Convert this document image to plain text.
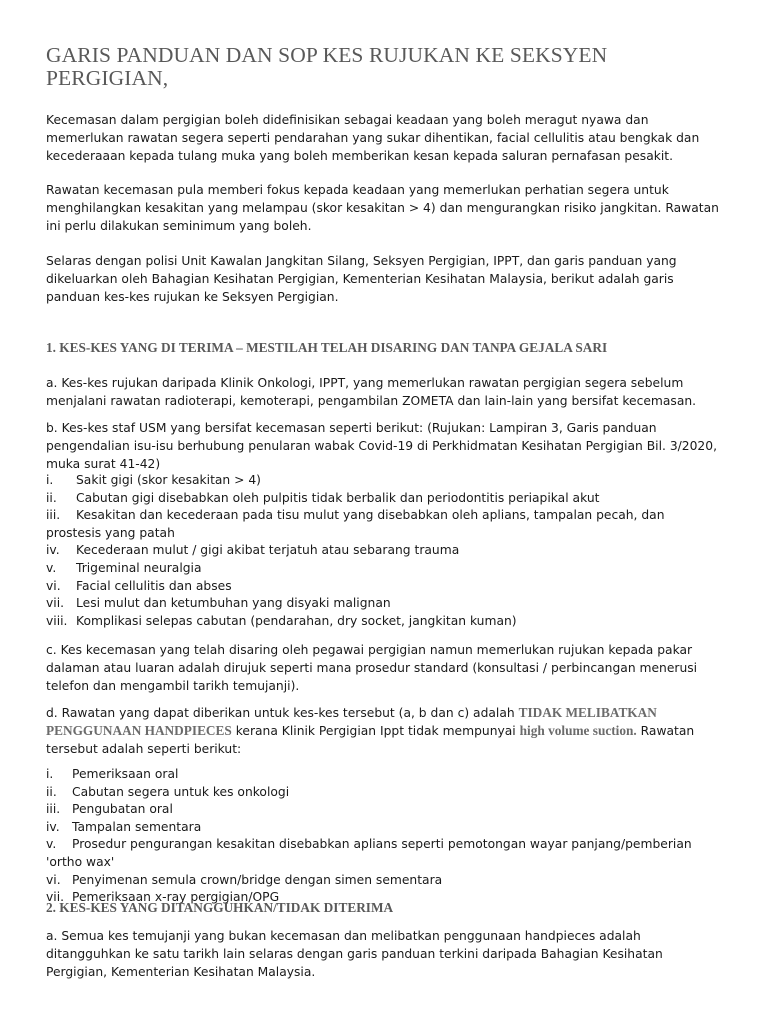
GARIS PANDUAN DAN SOP KES RUJUKAN KE SEKSYEN PERGIGIAN,

Kecemasan dalam pergigian boleh didefinisikan sebagai keadaan yang boleh meragut nyawa dan memerlukan rawatan segera seperti pendarahan yang sukar dihentikan, facial cellulitis atau bengkak dan kecederaaan kepada tulang muka yang boleh memberikan kesan kepada saluran pernafasan pesakit.

Rawatan kecemasan pula memberi fokus kepada keadaan yang memerlukan perhatian segera untuk menghilangkan kesakitan yang melampau (skor kesakitan > 4) dan mengurangkan risiko jangkitan. Rawatan ini perlu dilakukan seminimum yang boleh.

Selaras dengan polisi Unit Kawalan Jangkitan Silang, Seksyen Pergigian, IPPT, dan garis panduan yang dikeluarkan oleh Bahagian Kesihatan Pergigian, Kementerian Kesihatan Malaysia, berikut adalah garis panduan kes-kes rujukan ke Seksyen Pergigian.

1. KES-KES YANG DI TERIMA – MESTILAH TELAH DISARING DAN TANPA GEJALA SARI

a. Kes-kes rujukan daripada Klinik Onkologi, IPPT, yang memerlukan rawatan pergigian segera sebelum menjalani rawatan radioterapi, kemoterapi, pengambilan ZOMETA dan lain-lain yang bersifat kecemasan.

b. Kes-kes staf USM yang bersifat kecemasan seperti berikut: (Rujukan: Lampiran 3, Garis panduan pengendalian isu-isu berhubung penularan wabak Covid-19 di Perkhidmatan Kesihatan Pergigian Bil. 3/2020, muka surat 41-42)

i. Sakit gigi (skor kesakitan > 4)
ii. Cabutan gigi disebabkan oleh pulpitis tidak berbalik dan periodontitis periapikal akut
iii. Kesakitan dan kecederaan pada tisu mulut yang disebabkan oleh aplians, tampalan pecah, dan prostesis yang patah
iv. Kecederaan mulut / gigi akibat terjatuh atau sebarang trauma
v. Trigeminal neuralgia
vi. Facial cellulitis dan abses
vii. Lesi mulut dan ketumbuhan yang disyaki malignan
viii. Komplikasi selepas cabutan (pendarahan, dry socket, jangkitan kuman)

c. Kes kecemasan yang telah disaring oleh pegawai pergigian namun memerlukan rujukan kepada pakar dalaman atau luaran adalah dirujuk seperti mana prosedur standard (konsultasi / perbincangan menerusi telefon dan mengambil tarikh temujanji).

d. Rawatan yang dapat diberikan untuk kes-kes tersebut (a, b dan c) adalah TIDAK MELIBATKAN PENGGUNAAN HANDPIECES kerana Klinik Pergigian Ippt tidak mempunyai high volume suction. Rawatan tersebut adalah seperti berikut:

i. Pemeriksaan oral
ii. Cabutan segera untuk kes onkologi
iii. Pengubatan oral
iv. Tampalan sementara
v. Prosedur pengurangan kesakitan disebabkan aplians seperti pemotongan wayar panjang/pemberian 'ortho wax'
vi. Penyimenan semula crown/bridge dengan simen sementara
vii. Pemeriksaan x-ray pergigian/OPG
2. KES-KES YANG DITANGGUHKAN/TIDAK DITERIMA

a. Semua kes temujanji yang bukan kecemasan dan melibatkan penggunaan handpieces adalah ditangguhkan ke satu tarikh lain selaras dengan garis panduan terkini daripada Bahagian Kesihatan Pergigian, Kementerian Kesihatan Malaysia.
